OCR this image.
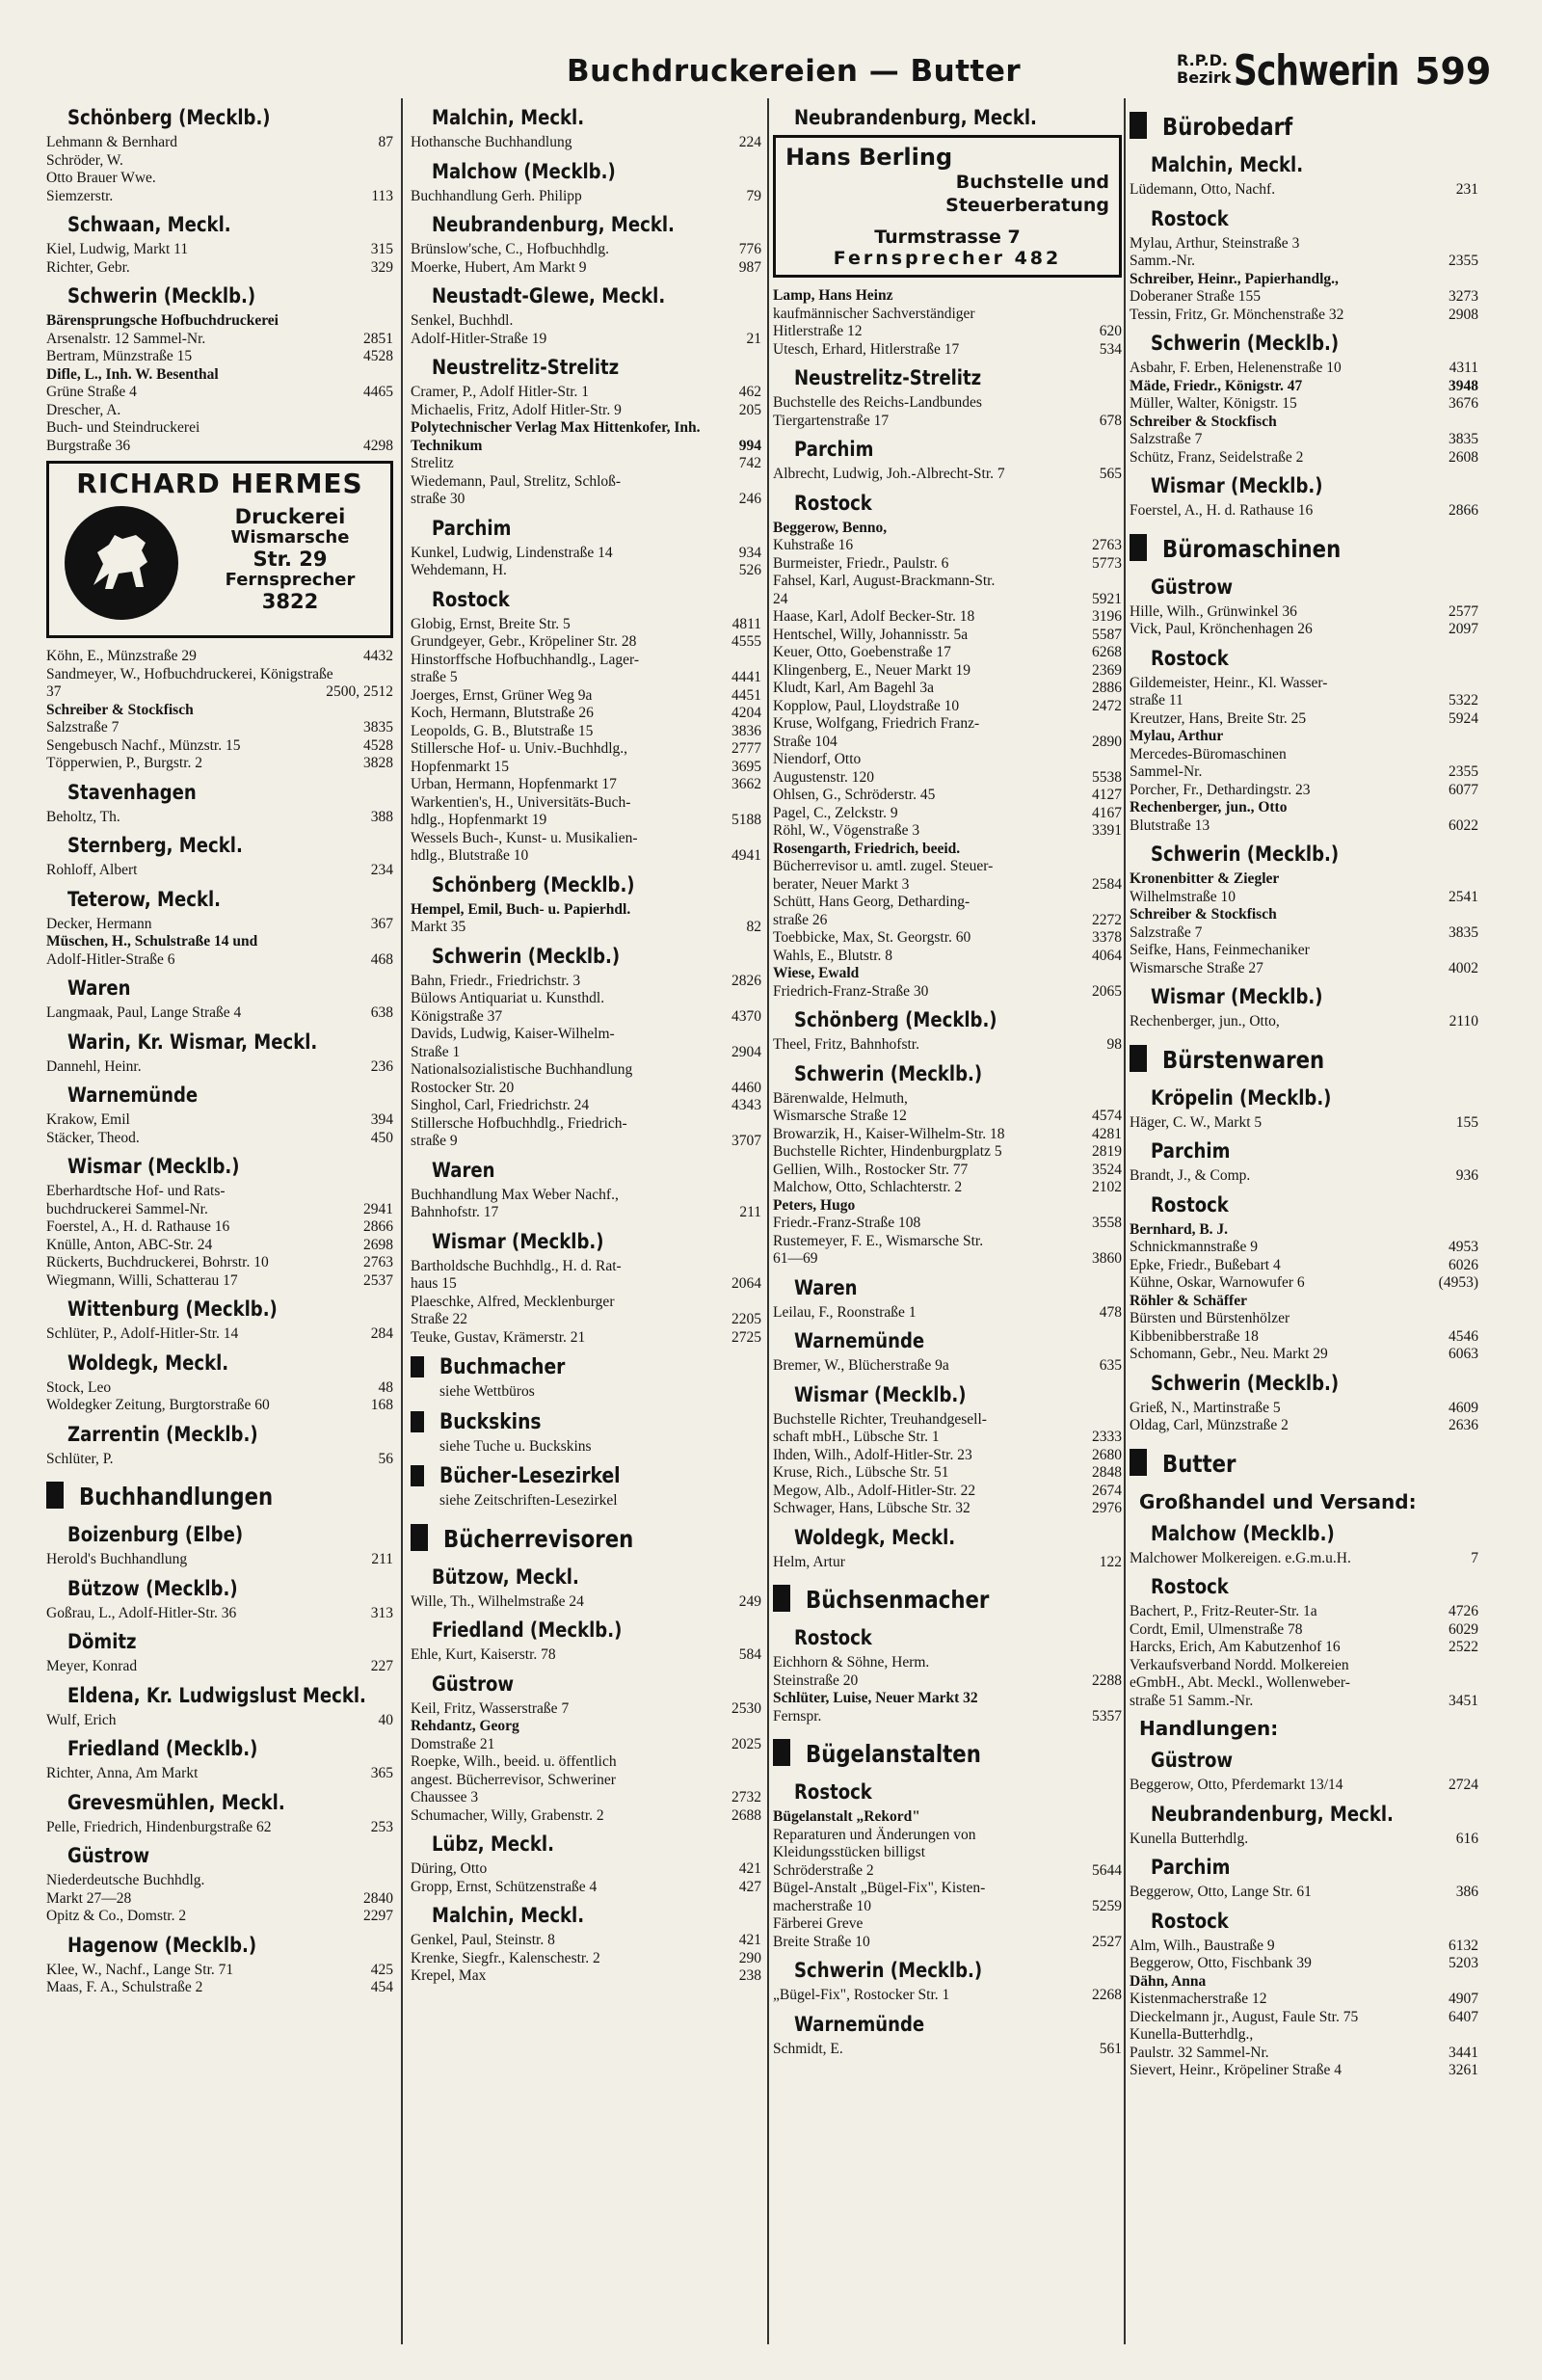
Buchdruckereien — Butter	R.P.D.
Bezirk Schwerin 599
Schönberg (Mecklb.)
Lehmann & Bernhard	87
Schröder, W.
Otto Brauer Wwe.
Siemzerstr.	113
Schwaan, Meckl.
Kiel, Ludwig, Markt 11	315
Richter, Gebr.	329
Schwerin (Mecklb.)
Bärensprungsche Hofbuchdruckerei
Arsenalstr. 12 Sammel-Nr.	2851
Bertram, Münzstraße 15	4528
Difle, L., Inh. W. Besenthal
Grüne Straße 4	4465
Drescher, A.
Buch- und Steindruckerei
Burgstraße 36	4298
RICHARD HERMES
Druckerei
Wismarsche
Str. 29
Fernsprecher
3822
Köhn, E., Münzstraße 29	4432
Sandmeyer, W., Hofbuchdruckerei, Königstraße 37	2500, 2512
Schreiber & Stockfisch
Salzstraße 7	3835
Sengebusch Nachf., Münzstr. 15	4528
Töpperwien, P., Burgstr. 2	3828
Stavenhagen
Beholtz, Th.	388
Sternberg, Meckl.
Rohloff, Albert	234
Teterow, Meckl.
Decker, Hermann	367
Müschen, H., Schulstraße 14 und
Adolf-Hitler-Straße 6	468
Waren
Langmaak, Paul, Lange Straße 4	638
Warin, Kr. Wismar, Meckl.
Dannehl, Heinr.	236
Warnemünde
Krakow, Emil	394
Stäcker, Theod.	450
Wismar (Mecklb.)
Eberhardtsche Hof- und Rats-
buchdruckerei Sammel-Nr.	2941
Foerstel, A., H. d. Rathause 16	2866
Knülle, Anton, ABC-Str. 24	2698
Rückerts, Buchdruckerei, Bohrstr. 10	2763
Wiegmann, Willi, Schatterau 17	2537
Wittenburg (Mecklb.)
Schlüter, P., Adolf-Hitler-Str. 14	284
Woldegk, Meckl.
Stock, Leo	48
Woldegker Zeitung, Burgtorstraße 60	168
Zarrentin (Mecklb.)
Schlüter, P.	56
Buchhandlungen
Boizenburg (Elbe)
Herold's Buchhandlung	211
Bützow (Mecklb.)
Goßrau, L., Adolf-Hitler-Str. 36	313
Dömitz
Meyer, Konrad	227
Eldena, Kr. Ludwigslust Meckl.
Wulf, Erich	40
Friedland (Mecklb.)
Richter, Anna, Am Markt	365
Grevesmühlen, Meckl.
Pelle, Friedrich, Hindenburgstraße 62	253
Güstrow
Niederdeutsche Buchhdlg.
Markt 27—28	2840
Opitz & Co., Domstr. 2	2297
Hagenow (Mecklb.)
Klee, W., Nachf., Lange Str. 71	425
Maas, F. A., Schulstraße 2	454
Malchin, Meckl.
Hothansche Buchhandlung	224
Malchow (Mecklb.)
Buchhandlung Gerh. Philipp	79
Neubrandenburg, Meckl.
Brünslow'sche, C., Hofbuchhdlg.	776
Moerke, Hubert, Am Markt 9	987
Neustadt-Glewe, Meckl.
Senkel, Buchhdl.
Adolf-Hitler-Straße 19	21
Neustrelitz-Strelitz
Cramer, P., Adolf Hitler-Str. 1	462
Michaelis, Fritz, Adolf Hitler-Str. 9	205
Polytechnischer Verlag Max Hittenkofer, Inh. Technikum	994
Strelitz	742
Wiedemann, Paul, Strelitz, Schloß-
straße 30	246
Parchim
Kunkel, Ludwig, Lindenstraße 14	934
Wehdemann, H.	526
Rostock
Globig, Ernst, Breite Str. 5	4811
Grundgeyer, Gebr., Kröpeliner Str. 28	4555
Hinstorffsche Hofbuchhandlg., Lager-
straße 5	4441
Joerges, Ernst, Grüner Weg 9a	4451
Koch, Hermann, Blutstraße 26	4204
Leopolds, G. B., Blutstraße 15	3836
Stillersche Hof- u. Univ.-Buchhdlg.,	2777
Hopfenmarkt 15	3695
Urban, Hermann, Hopfenmarkt 17	3662
Warkentien's, H., Universitäts-Buch-
hdlg., Hopfenmarkt 19	5188
Wessels Buch-, Kunst- u. Musikalien-
hdlg., Blutstraße 10	4941
Schönberg (Mecklb.)
Hempel, Emil, Buch- u. Papierhdl.
Markt 35	82
Schwerin (Mecklb.)
Bahn, Friedr., Friedrichstr. 3	2826
Bülows Antiquariat u. Kunsthdl.
Königstraße 37	4370
Davids, Ludwig, Kaiser-Wilhelm-
Straße 1	2904
Nationalsozialistische Buchhandlung
Rostocker Str. 20	4460
Singhol, Carl, Friedrichstr. 24	4343
Stillersche Hofbuchhdlg., Friedrich-
straße 9	3707
Waren
Buchhandlung Max Weber Nachf.,
Bahnhofstr. 17	211
Wismar (Mecklb.)
Bartholdsche Buchhdlg., H. d. Rat-
haus 15	2064
Plaeschke, Alfred, Mecklenburger
Straße 22	2205
Teuke, Gustav, Krämerstr. 21	2725
Buchmacher
siehe Wettbüros
Buckskins
siehe Tuche u. Buckskins
Bücher-Lesezirkel
siehe Zeitschriften-Lesezirkel
Bücherrevisoren
Bützow, Meckl.
Wille, Th., Wilhelmstraße 24	249
Friedland (Mecklb.)
Ehle, Kurt, Kaiserstr. 78	584
Güstrow
Keil, Fritz, Wasserstraße 7	2530
Rehdantz, Georg
Domstraße 21	2025
Roepke, Wilh., beeid. u. öffentlich
angest. Bücherrevisor, Schweriner
Chaussee 3	2732
Schumacher, Willy, Grabenstr. 2	2688
Lübz, Meckl.
Düring, Otto	421
Gropp, Ernst, Schützenstraße 4	427
Malchin, Meckl.
Genkel, Paul, Steinstr. 8	421
Krenke, Siegfr., Kalenschestr. 2	290
Krepel, Max	238
Neubrandenburg, Meckl.
Hans Berling
Buchstelle und
Steuerberatung
Turmstrasse 7
Fernsprecher 482
Lamp, Hans Heinz
kaufmännischer Sachverständiger
Hitlerstraße 12	620
Utesch, Erhard, Hitlerstraße 17	534
Neustrelitz-Strelitz
Buchstelle des Reichs-Landbundes
Tiergartenstraße 17	678
Parchim
Albrecht, Ludwig, Joh.-Albrecht-Str. 7	565
Rostock
Beggerow, Benno,
Kuhstraße 16	2763
Burmeister, Friedr., Paulstr. 6	5773
Fahsel, Karl, August-Brackmann-Str.
24	5921
Haase, Karl, Adolf Becker-Str. 18	3196
Hentschel, Willy, Johannisstr. 5a	5587
Keuer, Otto, Goebenstraße 17	6268
Klingenberg, E., Neuer Markt 19	2369
Kludt, Karl, Am Bagehl 3a	2886
Kopplow, Paul, Lloydstraße 10	2472
Kruse, Wolfgang, Friedrich Franz-
Straße 104	2890
Niendorf, Otto
Augustenstr. 120	5538
Ohlsen, G., Schröderstr. 45	4127
Pagel, C., Zelckstr. 9	4167
Röhl, W., Vögenstraße 3	3391
Rosengarth, Friedrich, beeid.
Bücherrevisor u. amtl. zugel. Steuer-
berater, Neuer Markt 3	2584
Schütt, Hans Georg, Detharding-
straße 26	2272
Toebbicke, Max, St. Georgstr. 60	3378
Wahls, E., Blutstr. 8	4064
Wiese, Ewald
Friedrich-Franz-Straße 30	2065
Schönberg (Mecklb.)
Theel, Fritz, Bahnhofstr.	98
Schwerin (Mecklb.)
Bärenwalde, Helmuth,
Wismarsche Straße 12	4574
Browarzik, H., Kaiser-Wilhelm-Str. 18	4281
Buchstelle Richter, Hindenburgplatz 5	2819
Gellien, Wilh., Rostocker Str. 77	3524
Malchow, Otto, Schlachterstr. 2	2102
Peters, Hugo
Friedr.-Franz-Straße 108	3558
Rustemeyer, F. E., Wismarsche Str.
61—69	3860
Waren
Leilau, F., Roonstraße 1	478
Warnemünde
Bremer, W., Blücherstraße 9a	635
Wismar (Mecklb.)
Buchstelle Richter, Treuhandgesell-
schaft mbH., Lübsche Str. 1	2333
Ihden, Wilh., Adolf-Hitler-Str. 23	2680
Kruse, Rich., Lübsche Str. 51	2848
Megow, Alb., Adolf-Hitler-Str. 22	2674
Schwager, Hans, Lübsche Str. 32	2976
Woldegk, Meckl.
Helm, Artur	122
Büchsenmacher
Rostock
Eichhorn & Söhne, Herm.
Steinstraße 20	2288
Schlüter, Luise, Neuer Markt 32
Fernspr.	5357
Bügelanstalten
Rostock
Bügelanstalt „Rekord"
Reparaturen und Änderungen von
Kleidungsstücken billigst
Schröderstraße 2	5644
Bügel-Anstalt „Bügel-Fix", Kisten-
macherstraße 10	5259
Färberei Greve
Breite Straße 10	2527
Schwerin (Mecklb.)
„Bügel-Fix", Rostocker Str. 1	2268
Warnemünde
Schmidt, E.	561
Bürobedarf
Malchin, Meckl.
Lüdemann, Otto, Nachf.	231
Rostock
Mylau, Arthur, Steinstraße 3
Samm.-Nr.	2355
Schreiber, Heinr., Papierhandlg.,
Doberaner Straße 155	3273
Tessin, Fritz, Gr. Mönchenstraße 32	2908
Schwerin (Mecklb.)
Asbahr, F. Erben, Helenenstraße 10	4311
Mäde, Friedr., Königstr. 47	3948
Müller, Walter, Königstr. 15	3676
Schreiber & Stockfisch
Salzstraße 7	3835
Schütz, Franz, Seidelstraße 2	2608
Wismar (Mecklb.)
Foerstel, A., H. d. Rathause 16	2866
Büromaschinen
Güstrow
Hille, Wilh., Grünwinkel 36	2577
Vick, Paul, Krönchenhagen 26	2097
Rostock
Gildemeister, Heinr., Kl. Wasser-
straße 11	5322
Kreutzer, Hans, Breite Str. 25	5924
Mylau, Arthur
Mercedes-Büromaschinen
Sammel-Nr.	2355
Porcher, Fr., Dethardingstr. 23	6077
Rechenberger, jun., Otto
Blutstraße 13	6022
Schwerin (Mecklb.)
Kronenbitter & Ziegler
Wilhelmstraße 10	2541
Schreiber & Stockfisch
Salzstraße 7	3835
Seifke, Hans, Feinmechaniker
Wismarsche Straße 27	4002
Wismar (Mecklb.)
Rechenberger, jun., Otto,	2110
Bürstenwaren
Kröpelin (Mecklb.)
Häger, C. W., Markt 5	155
Parchim
Brandt, J., & Comp.	936
Rostock
Bernhard, B. J.
Schnickmannstraße 9	4953
Epke, Friedr., Bußebart 4	6026
Kühne, Oskar, Warnowufer 6	(4953)
Röhler & Schäffer
Bürsten und Bürstenhölzer
Kibbenibberstraße 18	4546
Schomann, Gebr., Neu. Markt 29	6063
Schwerin (Mecklb.)
Grieß, N., Martinstraße 5	4609
Oldag, Carl, Münzstraße 2	2636
Butter
Großhandel und Versand:
Malchow (Mecklb.)
Malchower Molkereigen. e.G.m.u.H.	7
Rostock
Bachert, P., Fritz-Reuter-Str. 1a	4726
Cordt, Emil, Ulmenstraße 78	6029
Harcks, Erich, Am Kabutzenhof 16	2522
Verkaufsverband Nordd. Molkereien
eGmbH., Abt. Meckl., Wollenweber-
straße 51 Samm.-Nr.	3451
Handlungen:
Güstrow
Beggerow, Otto, Pferdemarkt 13/14	2724
Neubrandenburg, Meckl.
Kunella Butterhdlg.	616
Parchim
Beggerow, Otto, Lange Str. 61	386
Rostock
Alm, Wilh., Baustraße 9	6132
Beggerow, Otto, Fischbank 39	5203
Dähn, Anna
Kistenmacherstraße 12	4907
Dieckelmann jr., August, Faule Str. 75	6407
Kunella-Butterhdlg.,
Paulstr. 32 Sammel-Nr.	3441
Sievert, Heinr., Kröpeliner Straße 4	3261
